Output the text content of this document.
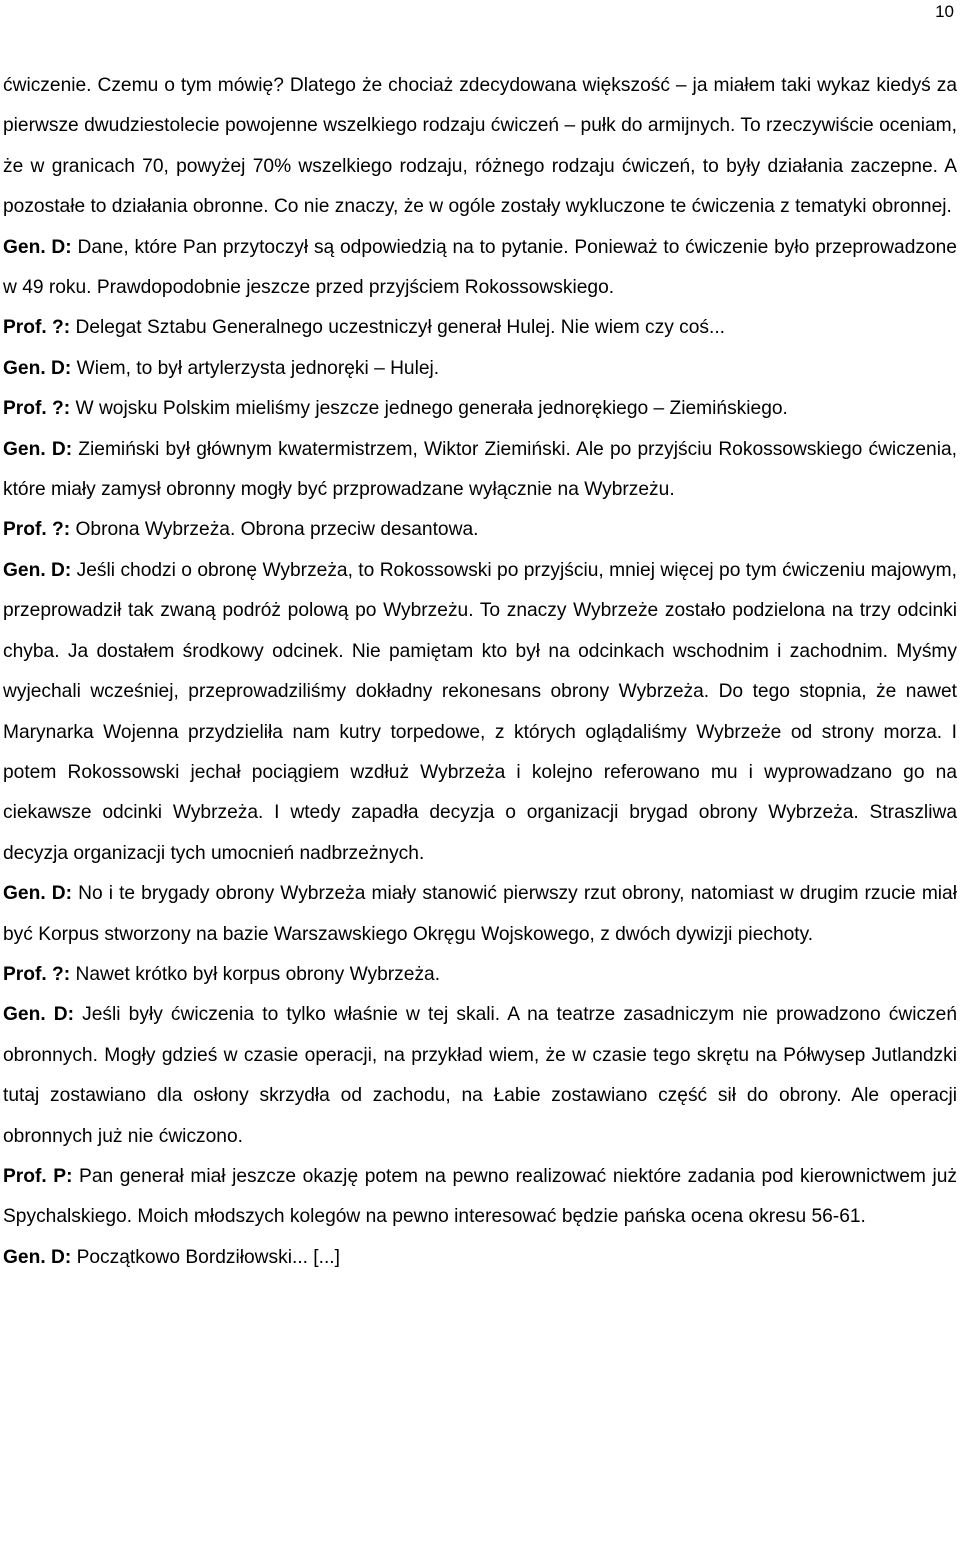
10

ćwiczenie. Czemu o tym mówię? Dlatego że chociaż zdecydowana większość – ja miałem taki wykaz kiedyś za pierwsze dwudziestolecie powojenne wszelkiego rodzaju ćwiczeń – pułk do armijnych. To rzeczywiście oceniam, że w granicach 70, powyżej 70% wszelkiego rodzaju, różnego rodzaju ćwiczeń, to były działania zaczepne. A pozostałe to działania obronne. Co nie znaczy, że w ogóle zostały wykluczone te ćwiczenia z tematyki obronnej.

Gen. D: Dane, które Pan przytoczył są odpowiedzią na to pytanie. Ponieważ to ćwiczenie było przeprowadzone w 49 roku. Prawdopodobnie jeszcze przed przyjściem Rokossowskiego.

Prof. ?: Delegat Sztabu Generalnego uczestniczył generał Hulej. Nie wiem czy coś...

Gen. D: Wiem, to był artylerzysta jednoręki – Hulej.

Prof. ?: W wojsku Polskim mieliśmy jeszcze jednego generała jednorękiego – Ziemińskiego.

Gen. D: Ziemiński był głównym kwatermistrzem, Wiktor Ziemiński. Ale po przyjściu Rokossowskiego ćwiczenia, które miały zamysł obronny mogły być przprowadzane wyłącznie na Wybrzeżu.

Prof. ?: Obrona Wybrzeża. Obrona przeciw desantowa.

Gen. D: Jeśli chodzi o obronę Wybrzeża, to Rokossowski po przyjściu, mniej więcej po tym ćwiczeniu majowym, przeprowadził tak zwaną podróż polową po Wybrzeżu. To znaczy Wybrzeże zostało podzielona na trzy odcinki chyba. Ja dostałem środkowy odcinek. Nie pamiętam kto był na odcinkach wschodnim i zachodnim. Myśmy wyjechali wcześniej, przeprowadziliśmy dokładny rekonesans obrony Wybrzeża. Do tego stopnia, że nawet Marynarka Wojenna przydzieliła nam kutry torpedowe, z których oglądaliśmy Wybrzeże od strony morza. I potem Rokossowski jechał pociągiem wzdłuż Wybrzeża i kolejno referowano mu i wyprowadzano go na ciekawsze odcinki Wybrzeża. I wtedy zapadła decyzja o organizacji brygad obrony Wybrzeża. Straszliwa decyzja organizacji tych umocnień nadbrzeżnych.

Gen. D: No i te brygady obrony Wybrzeża miały stanowić pierwszy rzut obrony, natomiast w drugim rzucie miał być Korpus stworzony na bazie Warszawskiego Okręgu Wojskowego, z dwóch dywizji piechoty.

Prof. ?: Nawet krótko był korpus obrony Wybrzeża.

Gen. D: Jeśli były ćwiczenia to tylko właśnie w tej skali. A na teatrze zasadniczym nie prowadzono ćwiczeń obronnych. Mogły gdzieś w czasie operacji, na przykład wiem, że w czasie tego skrętu na Półwysep Jutlandzki tutaj zostawiano dla osłony skrzydła od zachodu, na Łabie zostawiano część sił do obrony. Ale operacji obronnych już nie ćwiczono.

Prof. P: Pan generał miał jeszcze okazję potem na pewno realizować niektóre zadania pod kierownictwem już Spychalskiego. Moich młodszych kolegów na pewno interesować będzie pańska ocena okresu 56-61.

Gen. D: Początkowo Bordziłowski... [...]
